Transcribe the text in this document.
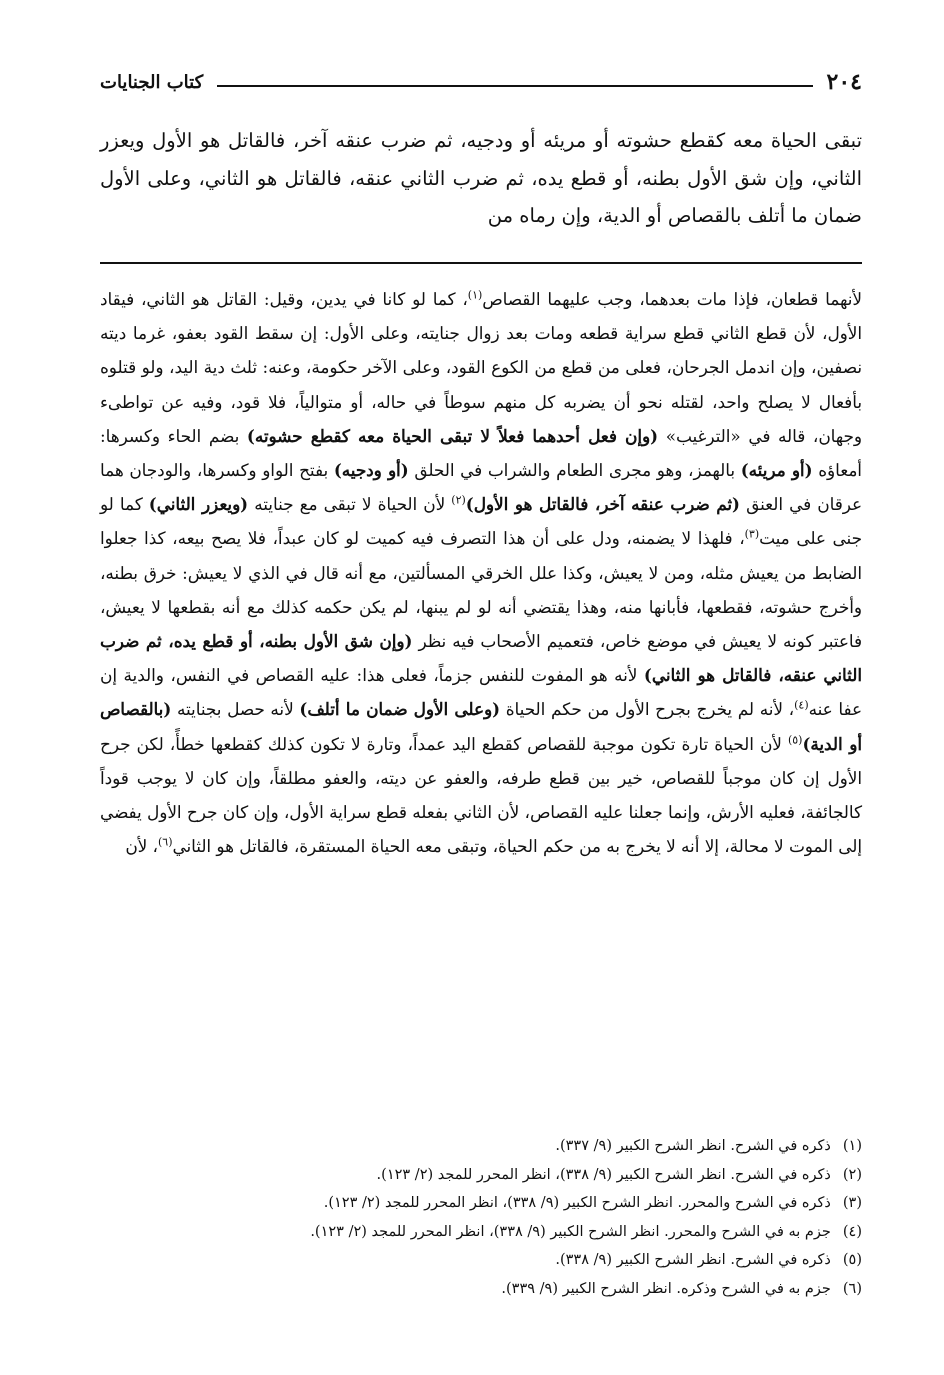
٢٠٤
كتاب الجنايات
تبقى الحياة معه كقطع حشوته أو مريئه أو ودجيه، ثم ضرب عنقه آخر، فالقاتل هو الأول ويعزر الثاني، وإن شق الأول بطنه، أو قطع يده، ثم ضرب الثاني عنقه، فالقاتل هو الثاني، وعلى الأول ضمان ما أتلف بالقصاص أو الدية، وإن رماه من
لأنهما قطعان، فإذا مات بعدهما، وجب عليهما القصاص$^{(١)}$، كما لو كانا في يدين، وقيل: القاتل هو الثاني، فيقاد الأول، لأن قطع الثاني قطع سراية قطعه ومات بعد زوال جنايته، وعلى الأول: إن سقط القود بعفو، غرما ديته نصفين، وإن اندمل الجرحان، فعلى من قطع من الكوع القود، وعلى الآخر حكومة، وعنه: ثلث دية اليد، ولو قتلوه بأفعال لا يصلح واحد، لقتله نحو أن يضربه كل منهم سوطاً في حاله، أو متوالياً، فلا قود، وفيه عن تواطىء وجهان، قاله في «الترغيب» (وإن فعل أحدهما فعلاً لا تبقى الحياة معه كقطع حشوته) بضم الحاء وكسرها: أمعاؤه (أو مريئه) بالهمز، وهو مجرى الطعام والشراب في الحلق (أو ودجيه) بفتح الواو وكسرها، والودجان هما عرقان في العنق (ثم ضرب عنقه آخر، فالقاتل هو الأول)$^{(٢)}$ لأن الحياة لا تبقى مع جنايته (ويعزر الثاني) كما لو جنى على ميت$^{(٣)}$، فلهذا لا يضمنه، ودل على أن هذا التصرف فيه كميت لو كان عبداً، فلا يصح بيعه، كذا جعلوا الضابط من يعيش مثله، ومن لا يعيش، وكذا علل الخرقي المسألتين، مع أنه قال في الذي لا يعيش: خرق بطنه، وأخرج حشوته، فقطعها، فأبانها منه، وهذا يقتضي أنه لو لم يبنها، لم يكن حكمه كذلك مع أنه بقطعها لا يعيش، فاعتبر كونه لا يعيش في موضع خاص، فتعميم الأصحاب فيه نظر (وإن شق الأول بطنه، أو قطع يده، ثم ضرب الثاني عنقه، فالقاتل هو الثاني) لأنه هو المفوت للنفس جزماً، فعلى هذا: عليه القصاص في النفس، والدية إن عفا عنه$^{(٤)}$، لأنه لم يخرج بجرح الأول من حكم الحياة (وعلى الأول ضمان ما أتلف) لأنه حصل بجنايته (بالقصاص أو الدية)$^{(٥)}$ لأن الحياة تارة تكون موجبة للقصاص كقطع اليد عمداً، وتارة لا تكون كذلك كقطعها خطأً، لكن جرح الأول إن كان موجباً للقصاص، خير بين قطع طرفه، والعفو عن ديته، والعفو مطلقاً، وإن كان لا يوجب قوداً كالجائفة، فعليه الأرش، وإنما جعلنا عليه القصاص، لأن الثاني بفعله قطع سراية الأول، وإن كان جرح الأول يفضي إلى الموت لا محالة، إلا أنه لا يخرج به من حكم الحياة، وتبقى معه الحياة المستقرة، فالقاتل هو الثاني$^{(٦)}$، لأن
(١)ذكره في الشرح. انظر الشرح الكبير (٩/ ٣٣٧).
(٢)ذكره في الشرح. انظر الشرح الكبير (٩/ ٣٣٨)، انظر المحرر للمجد (٢/ ١٢٣).
(٣)ذكره في الشرح والمحرر. انظر الشرح الكبير (٩/ ٣٣٨)، انظر المحرر للمجد (٢/ ١٢٣).
(٤)جزم به في الشرح والمحرر. انظر الشرح الكبير (٩/ ٣٣٨)، انظر المحرر للمجد (٢/ ١٢٣).
(٥)ذكره في الشرح. انظر الشرح الكبير (٩/ ٣٣٨).
(٦)جزم به في الشرح وذكره. انظر الشرح الكبير (٩/ ٣٣٩).
